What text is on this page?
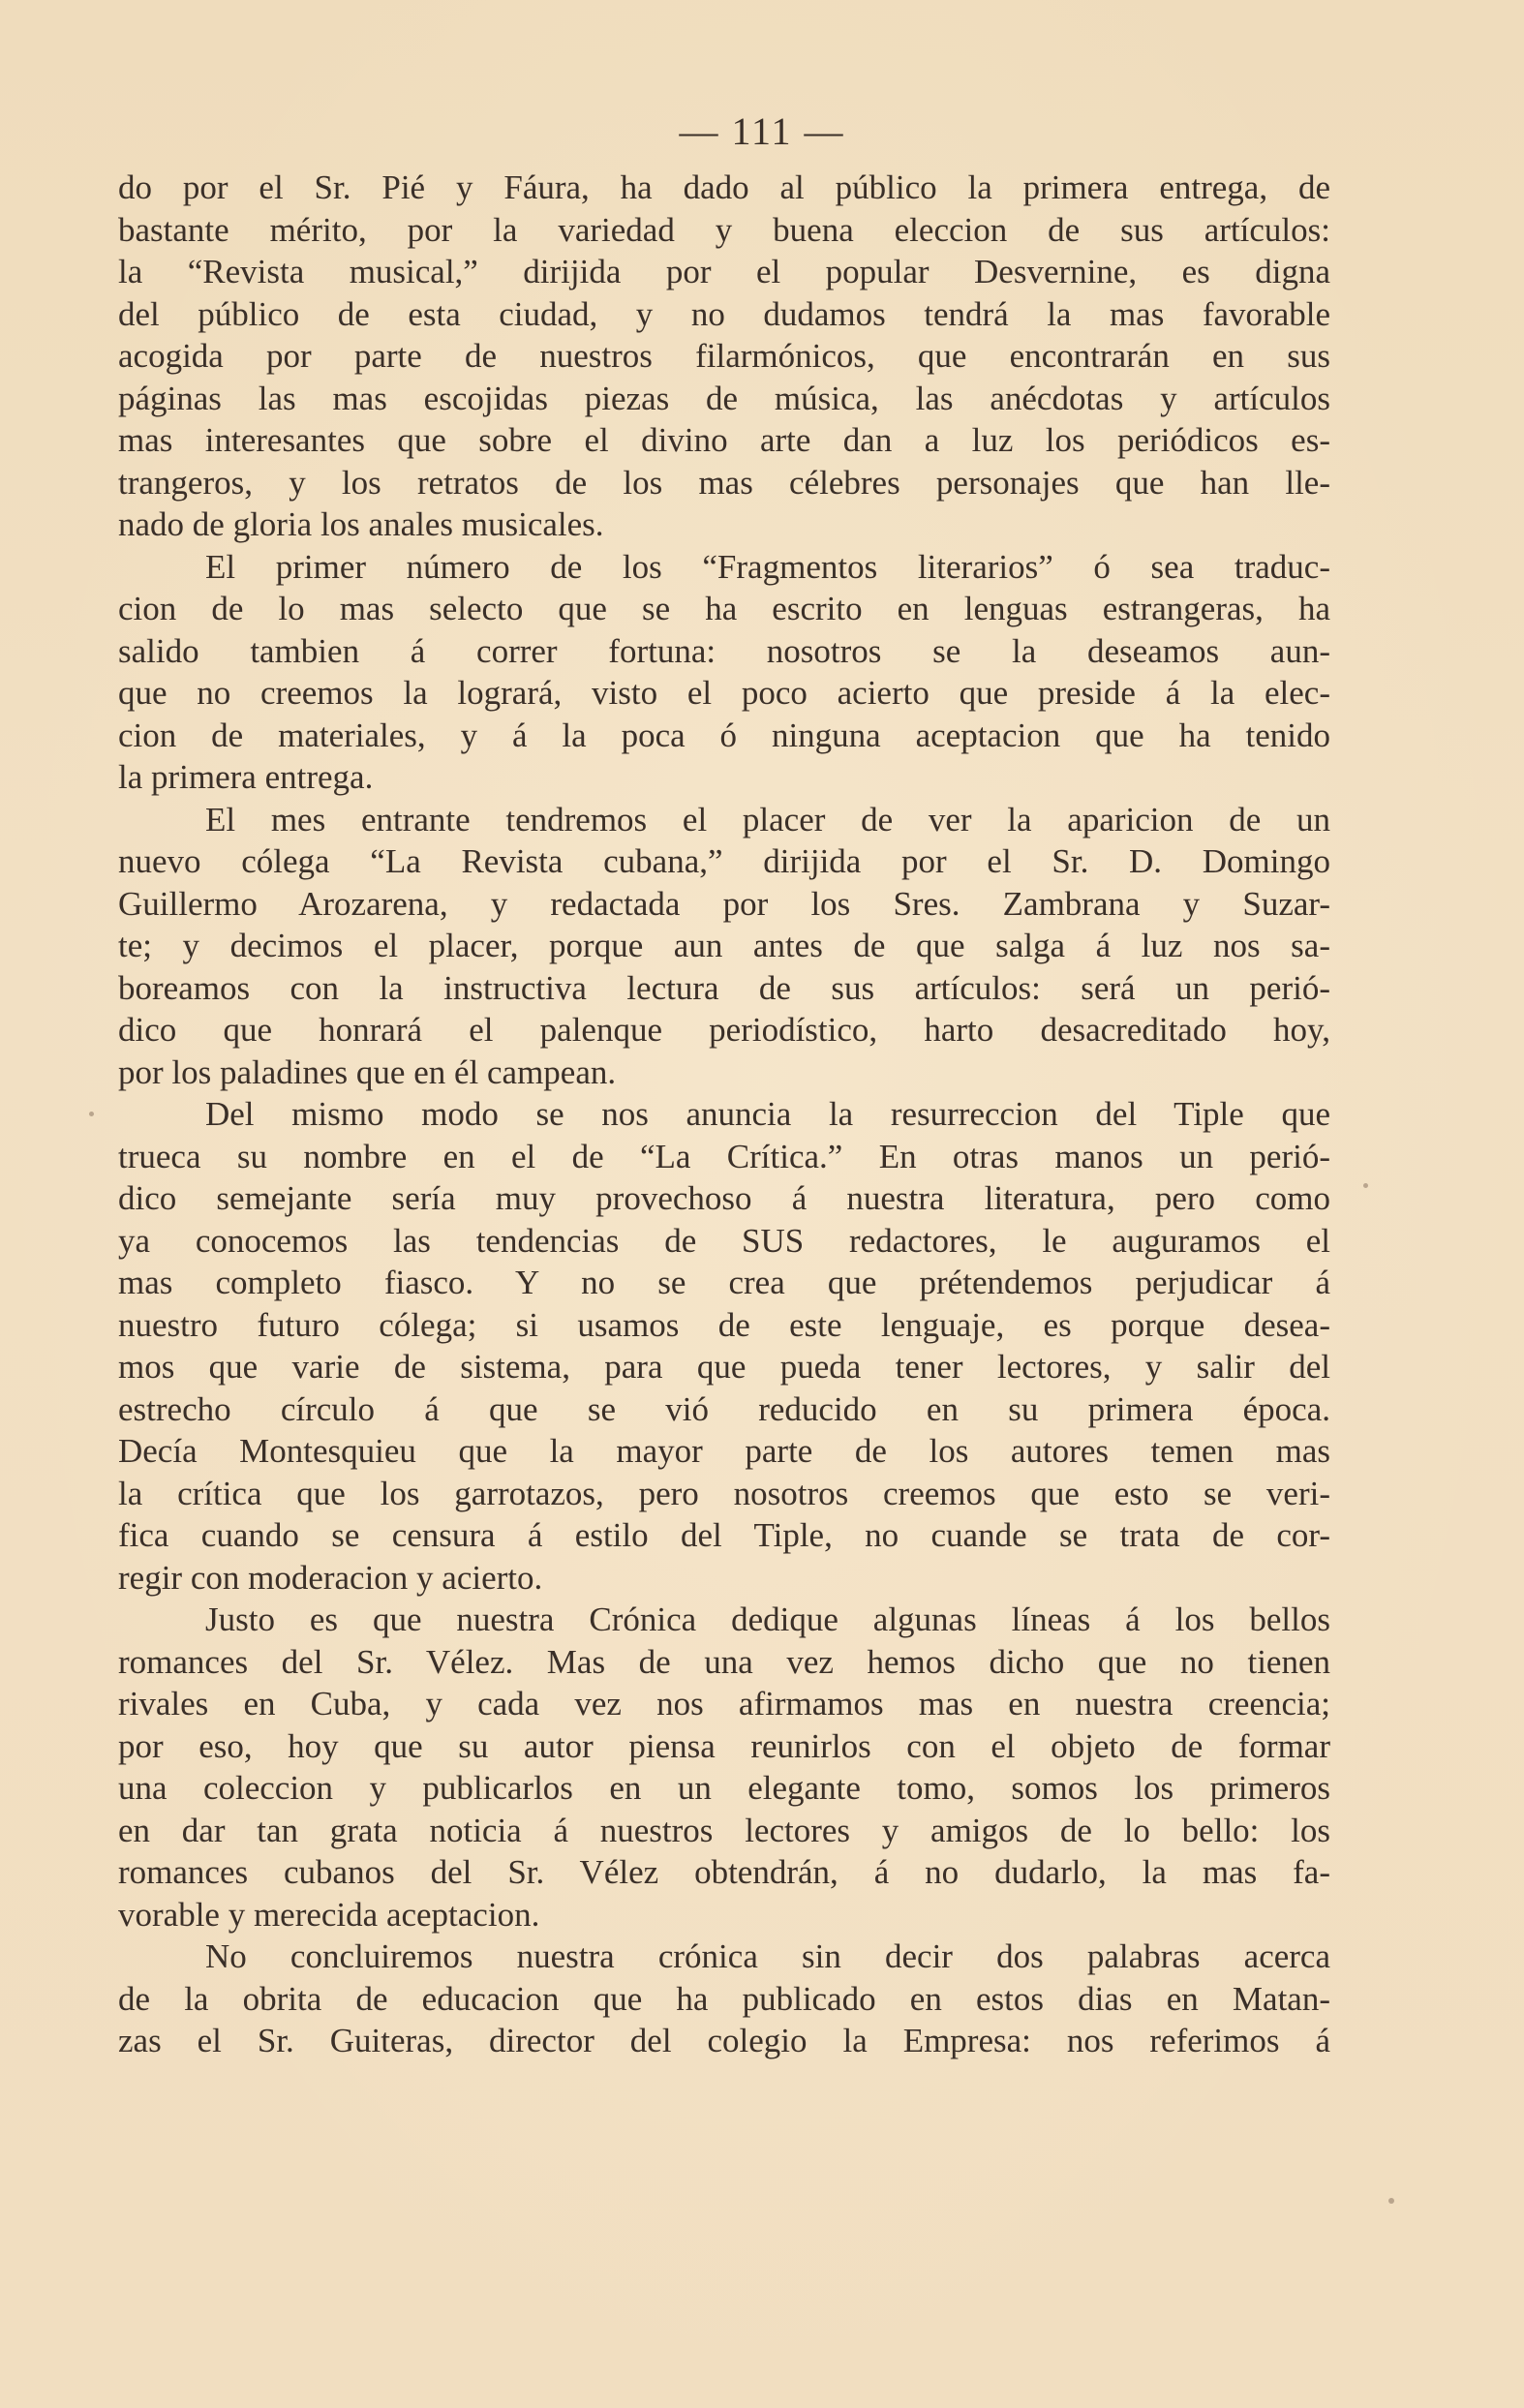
— 111 —
do por el Sr. Pié y Fáura, ha dado al público la primera entrega, de
bastante mérito, por la variedad y buena eleccion de sus artículos:
la “Revista musical,” dirijida por el popular Desvernine, es digna
del público de esta ciudad, y no dudamos tendrá la mas favorable
acogida por parte de nuestros filarmónicos, que encontrarán en sus
páginas las mas escojidas piezas de música, las anécdotas y artículos
mas interesantes que sobre el divino arte dan a luz los periódicos es-
trangeros, y los retratos de los mas célebres personajes que han lle-
nado de gloria los anales musicales.
El primer número de los “Fragmentos literarios” ó sea traduc-
cion de lo mas selecto que se ha escrito en lenguas estrangeras, ha
salido tambien á correr fortuna: nosotros se la deseamos aun-
que no creemos la logrará, visto el poco acierto que preside á la elec-
cion de materiales, y á la poca ó ninguna aceptacion que ha tenido
la primera entrega.
El mes entrante tendremos el placer de ver la aparicion de un
nuevo cólega “La Revista cubana,” dirijida por el Sr. D. Domingo
Guillermo Arozarena, y redactada por los Sres. Zambrana y Suzar-
te; y decimos el placer, porque aun antes de que salga á luz nos sa-
boreamos con la instructiva lectura de sus artículos: será un perió-
dico que honrará el palenque periodístico, harto desacreditado hoy,
por los paladines que en él campean.
Del mismo modo se nos anuncia la resurreccion del Tiple que
trueca su nombre en el de “La Crítica.” En otras manos un perió-
dico semejante sería muy provechoso á nuestra literatura, pero como
ya conocemos las tendencias de SUS redactores, le auguramos el
mas completo fiasco. Y no se crea que prétendemos perjudicar á
nuestro futuro cólega; si usamos de este lenguaje, es porque desea-
mos que varie de sistema, para que pueda tener lectores, y salir del
estrecho círculo á que se vió reducido en su primera época.
Decía Montesquieu que la mayor parte de los autores temen mas
la crítica que los garrotazos, pero nosotros creemos que esto se veri-
fica cuando se censura á estilo del Tiple, no cuande se trata de cor-
regir con moderacion y acierto.
Justo es que nuestra Crónica dedique algunas líneas á los bellos
romances del Sr. Vélez. Mas de una vez hemos dicho que no tienen
rivales en Cuba, y cada vez nos afirmamos mas en nuestra creencia;
por eso, hoy que su autor piensa reunirlos con el objeto de formar
una coleccion y publicarlos en un elegante tomo, somos los primeros
en dar tan grata noticia á nuestros lectores y amigos de lo bello: los
romances cubanos del Sr. Vélez obtendrán, á no dudarlo, la mas fa-
vorable y merecida aceptacion.
No concluiremos nuestra crónica sin decir dos palabras acerca
de la obrita de educacion que ha publicado en estos dias en Matan-
zas el Sr. Guiteras, director del colegio la Empresa: nos referimos á
